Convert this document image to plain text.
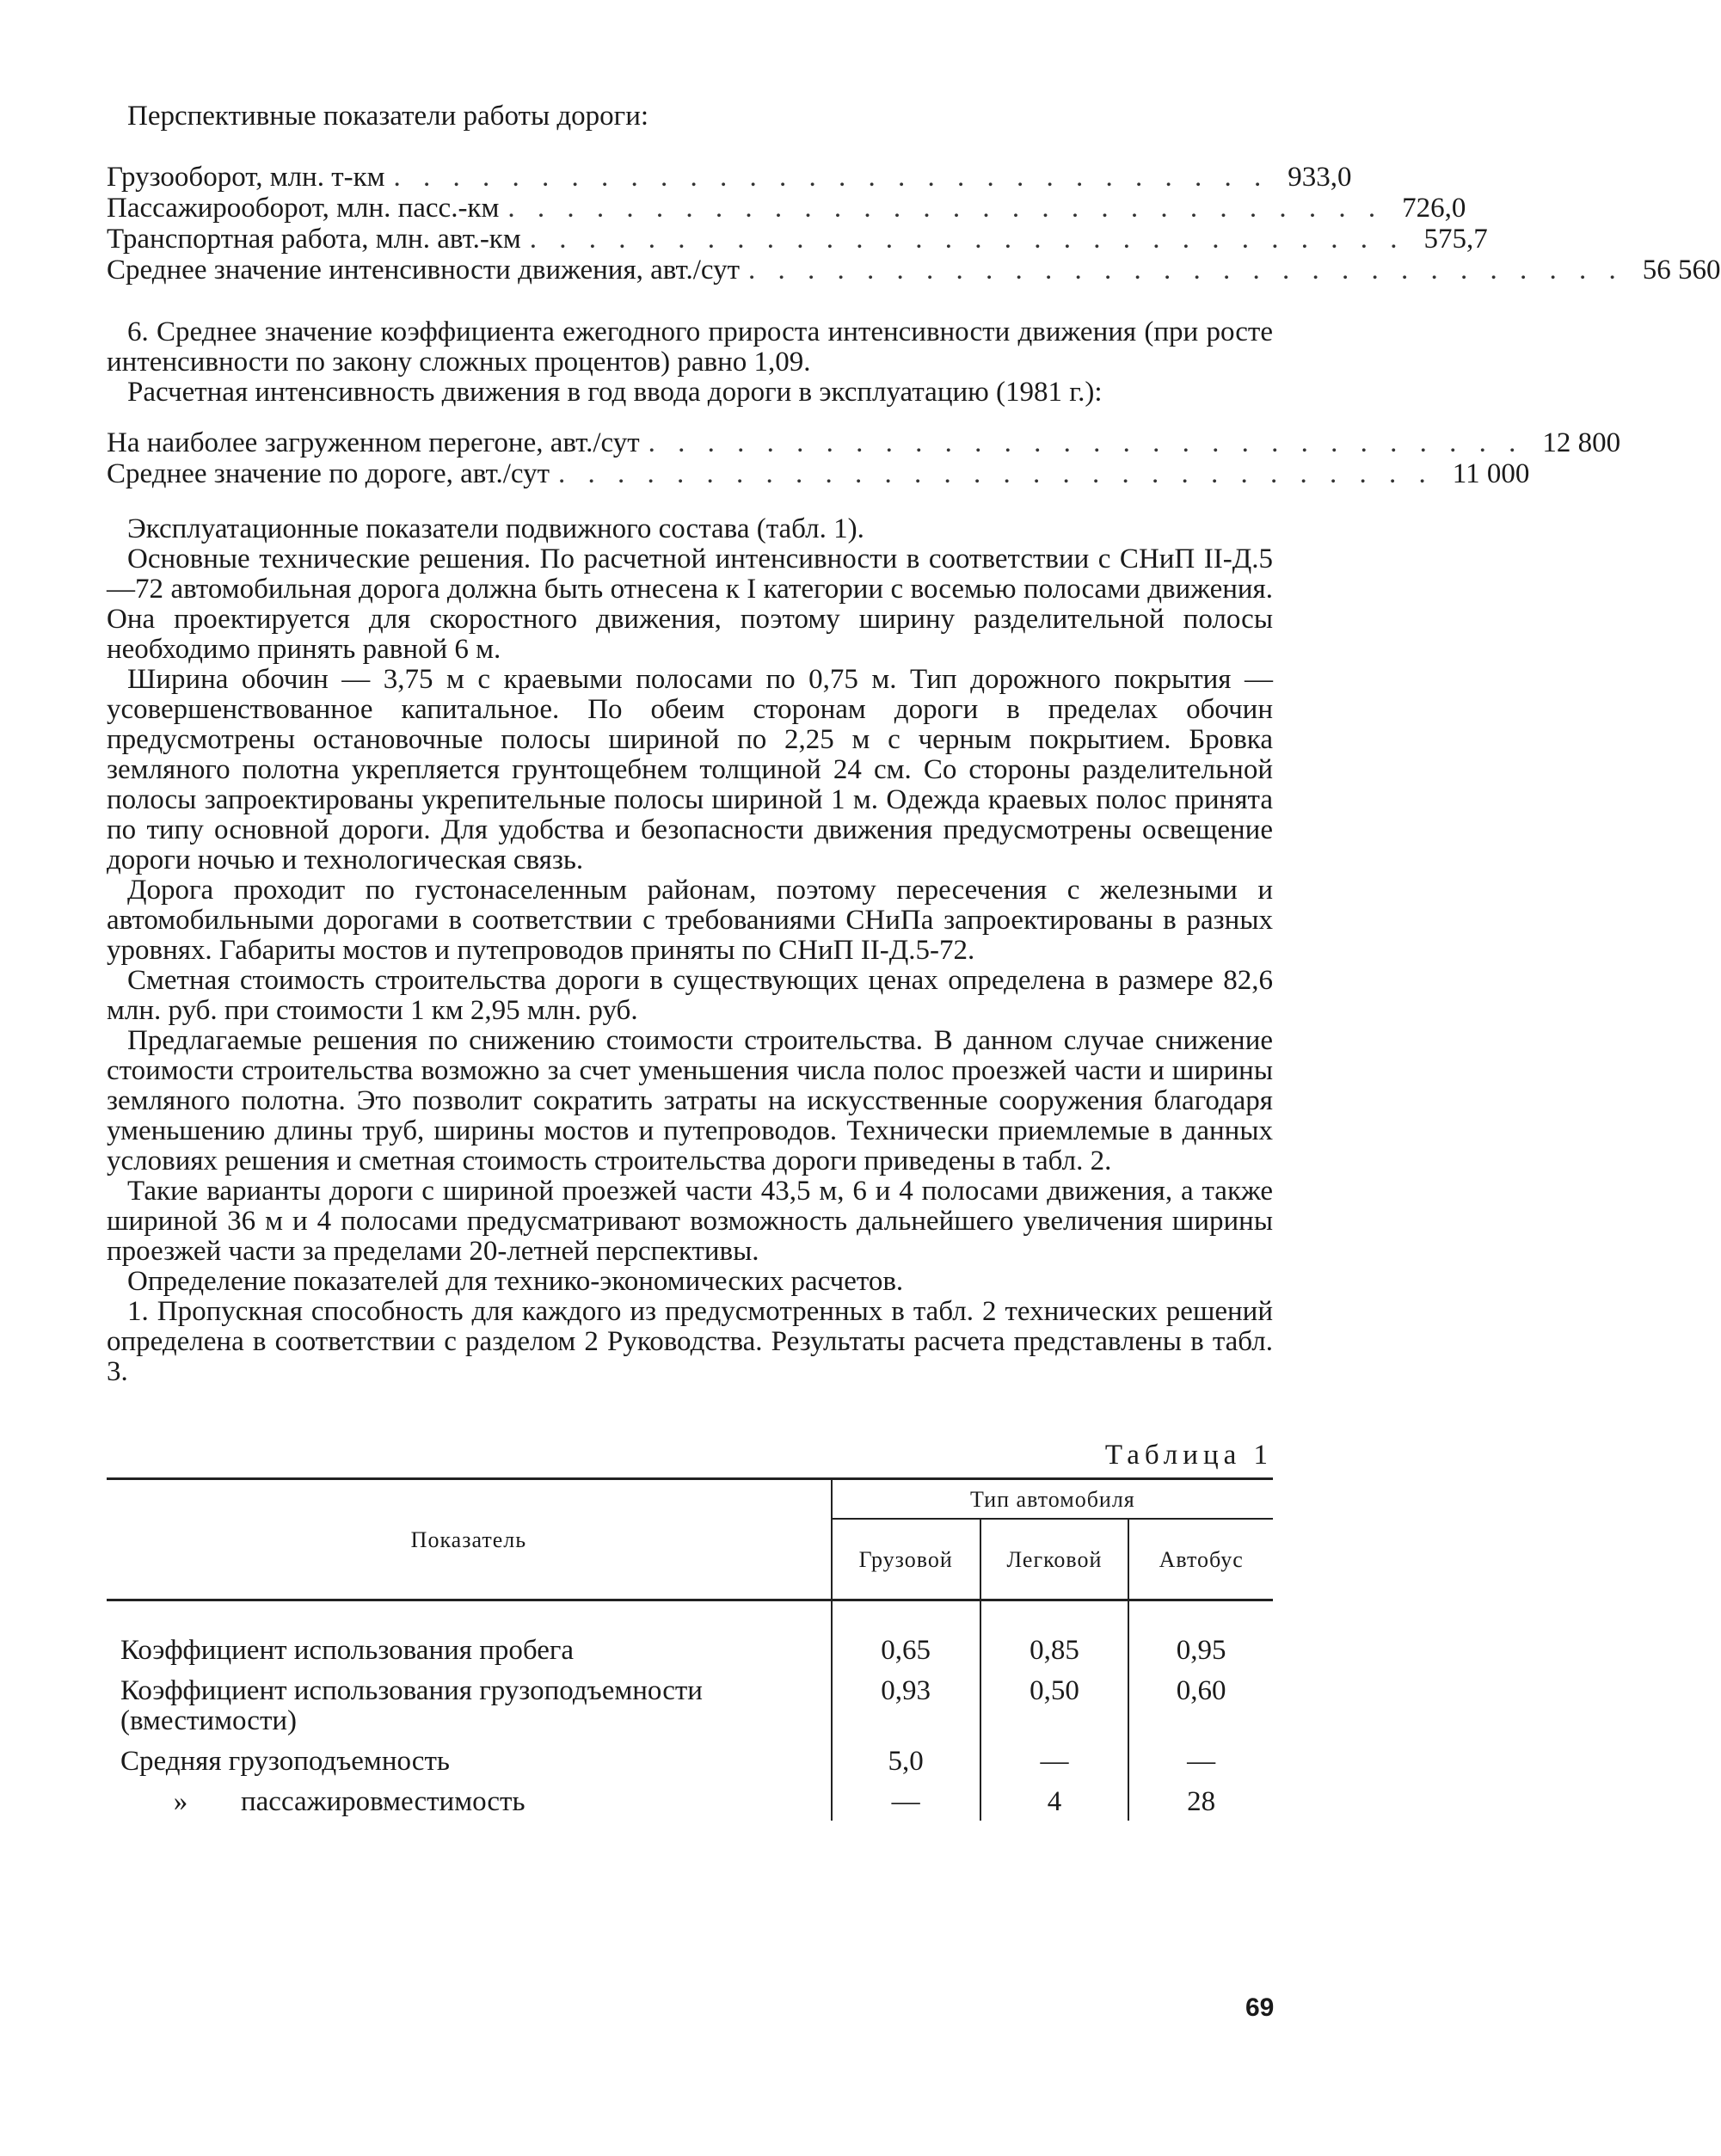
Перспективные показатели работы дороги:
Грузооборот, млн. т-км . . . . . . . . . . . . . . . . . . . . . . . . . . . . . . 933,0
Пассажирооборот, млн. пасс.-км . . . . . . . . . . . . . . . . . . . . . . . . . . . . . . 726,0
Транспортная работа, млн. авт.-км . . . . . . . . . . . . . . . . . . . . . . . . . . . . . . 575,7
Среднее значение интенсивности движения, авт./сут . . . . . . . . . . . . . . . . . . . . . . . . . . . . . . 56 560

6. Среднее значение коэффициента ежегодного прироста интенсивности движения (при росте интенсивности по закону сложных процентов) равно 1,09.

Расчетная интенсивность движения в год ввода дороги в эксплуатацию (1981 г.):

На наиболее загруженном перегоне, авт./сут . . . . . . . . . . . . . . . . . . . . . . . . . . . . . . 12 800
Среднее значение по дороге, авт./сут . . . . . . . . . . . . . . . . . . . . . . . . . . . . . . 11 000

Эксплуатационные показатели подвижного состава (табл. 1).

Основные технические решения. По расчетной интенсивности в соответствии с СНиП II-Д.5—72 автомобильная дорога должна быть отнесена к I категории с восемью полосами движения. Она проектируется для скоростного движения, поэтому ширину разделительной полосы необходимо принять равной 6 м.

Ширина обочин — 3,75 м с краевыми полосами по 0,75 м. Тип дорожного покрытия — усовершенствованное капитальное. По обеим сторонам дороги в пределах обочин предусмотрены остановочные полосы шириной по 2,25 м с черным покрытием. Бровка земляного полотна укрепляется грунтощебнем толщиной 24 см. Со стороны разделительной полосы запроектированы укрепительные полосы шириной 1 м. Одежда краевых полос принята по типу основной дороги. Для удобства и безопасности движения предусмотрены освещение дороги ночью и технологическая связь.

Дорога проходит по густонаселенным районам, поэтому пересечения с железными и автомобильными дорогами в соответствии с требованиями СНиПа запроектированы в разных уровнях. Габариты мостов и путепроводов приняты по СНиП II-Д.5-72.

Сметная стоимость строительства дороги в существующих ценах определена в размере 82,6 млн. руб. при стоимости 1 км 2,95 млн. руб.

Предлагаемые решения по снижению стоимости строительства. В данном случае снижение стоимости строительства возможно за счет уменьшения числа полос проезжей части и ширины земляного полотна. Это позволит сократить затраты на искусственные сооружения благодаря уменьшению длины труб, ширины мостов и путепроводов. Технически приемлемые в данных условиях решения и сметная стоимость строительства дороги приведены в табл. 2.

Такие варианты дороги с шириной проезжей части 43,5 м, 6 и 4 полосами движения, а также шириной 36 м и 4 полосами предусматривают возможность дальнейшего увеличения ширины проезжей части за пределами 20-летней перспективы.

Определение показателей для технико-экономических расчетов.

1. Пропускная способность для каждого из предусмотренных в табл. 2 технических решений определена в соответствии с разделом 2 Руководства. Результаты расчета представлены в табл. 3.

Таблица 1
Показатель	Тип автомобиля		
	Грузовой	Легковой	Автобус
Коэффициент использования пробега	0,65	0,85	0,95
Коэффициент использования грузоподъемности (вместимости)	0,93	0,50	0,60
Средняя грузоподъемность	5,0	—	—
» пассажировместимость	—	4	28
69
